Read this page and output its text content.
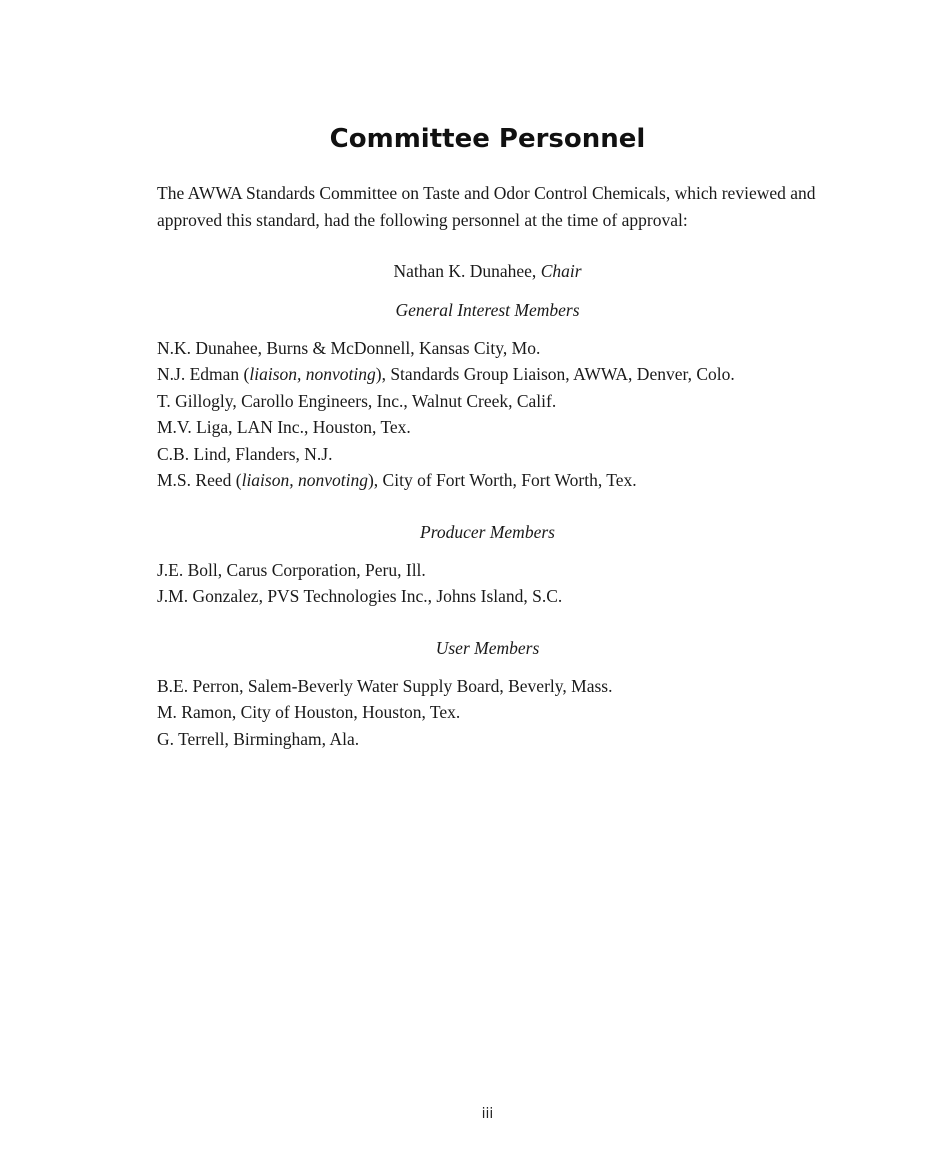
Committee Personnel

The AWWA Standards Committee on Taste and Odor Control Chemicals, which reviewed and approved this standard, had the following personnel at the time of approval:

Nathan K. Dunahee, Chair

General Interest Members

N.K. Dunahee, Burns & McDonnell, Kansas City, Mo.
N.J. Edman (liaison, nonvoting), Standards Group Liaison, AWWA, Denver, Colo.
T. Gillogly, Carollo Engineers, Inc., Walnut Creek, Calif.
M.V. Liga, LAN Inc., Houston, Tex.
C.B. Lind, Flanders, N.J.
M.S. Reed (liaison, nonvoting), City of Fort Worth, Fort Worth, Tex.

Producer Members

J.E. Boll, Carus Corporation, Peru, Ill.
J.M. Gonzalez, PVS Technologies Inc., Johns Island, S.C.

User Members

B.E. Perron, Salem-Beverly Water Supply Board, Beverly, Mass.
M. Ramon, City of Houston, Houston, Tex.
G. Terrell, Birmingham, Ala.

iii
